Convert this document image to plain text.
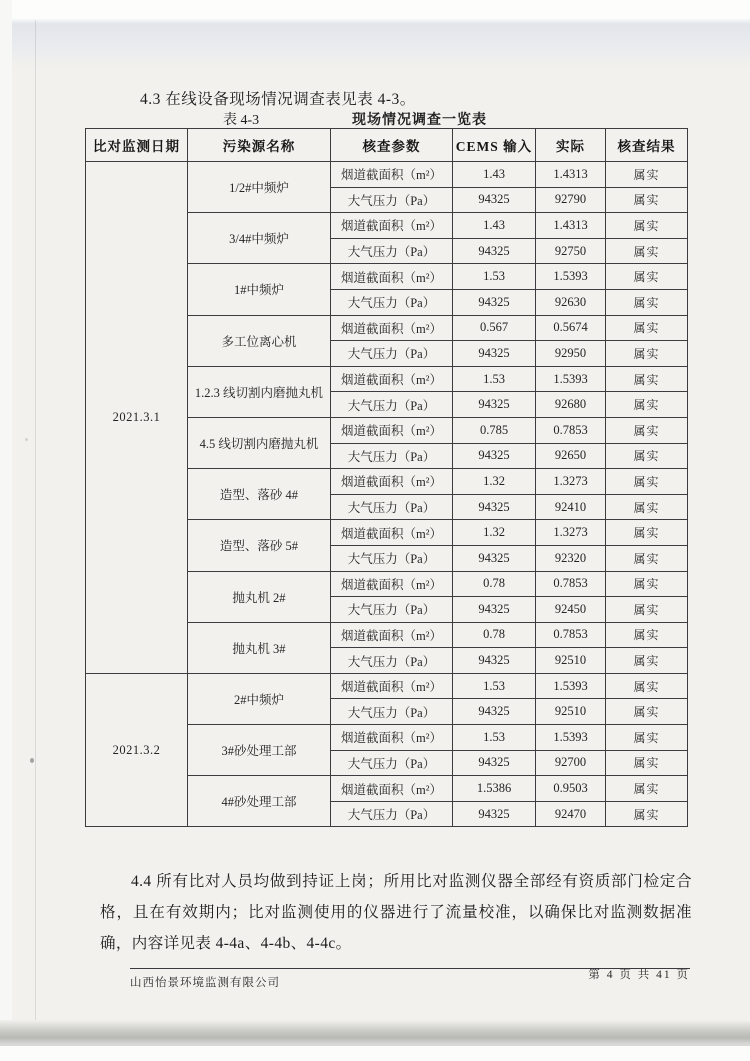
4.3 在线设备现场情况调查表见表 4-3。
表 4-3	现场情况调查一览表
比对监测日期	污染源名称	核查参数	CEMS 输入	实际	核查结果
2021.3.1	1/2#中频炉	烟道截面积（m²）	1.43	1.4313	属实
		大气压力（Pa）	94325	92790	属实
	3/4#中频炉	烟道截面积（m²）	1.43	1.4313	属实
		大气压力（Pa）	94325	92750	属实
	1#中频炉	烟道截面积（m²）	1.53	1.5393	属实
		大气压力（Pa）	94325	92630	属实
	多工位离心机	烟道截面积（m²）	0.567	0.5674	属实
		大气压力（Pa）	94325	92950	属实
	1.2.3 线切割内磨抛丸机	烟道截面积（m²）	1.53	1.5393	属实
		大气压力（Pa）	94325	92680	属实
	4.5 线切割内磨抛丸机	烟道截面积（m²）	0.785	0.7853	属实
		大气压力（Pa）	94325	92650	属实
	造型、落砂 4#	烟道截面积（m²）	1.32	1.3273	属实
		大气压力（Pa）	94325	92410	属实
	造型、落砂 5#	烟道截面积（m²）	1.32	1.3273	属实
		大气压力（Pa）	94325	92320	属实
	抛丸机 2#	烟道截面积（m²）	0.78	0.7853	属实
		大气压力（Pa）	94325	92450	属实
	抛丸机 3#	烟道截面积（m²）	0.78	0.7853	属实
		大气压力（Pa）	94325	92510	属实
2021.3.2	2#中频炉	烟道截面积（m²）	1.53	1.5393	属实
		大气压力（Pa）	94325	92510	属实
	3#砂处理工部	烟道截面积（m²）	1.53	1.5393	属实
		大气压力（Pa）	94325	92700	属实
	4#砂处理工部	烟道截面积（m²）	1.5386	0.9503	属实
		大气压力（Pa）	94325	92470	属实

4.4 所有比对人员均做到持证上岗；所用比对监测仪器全部经有资质部门检定合格，且在有效期内；比对监测使用的仪器进行了流量校准，以确保比对监测数据准确，内容详见表 4-4a、4-4b、4-4c。

山西怡景环境监测有限公司
第 4 页 共 41 页
